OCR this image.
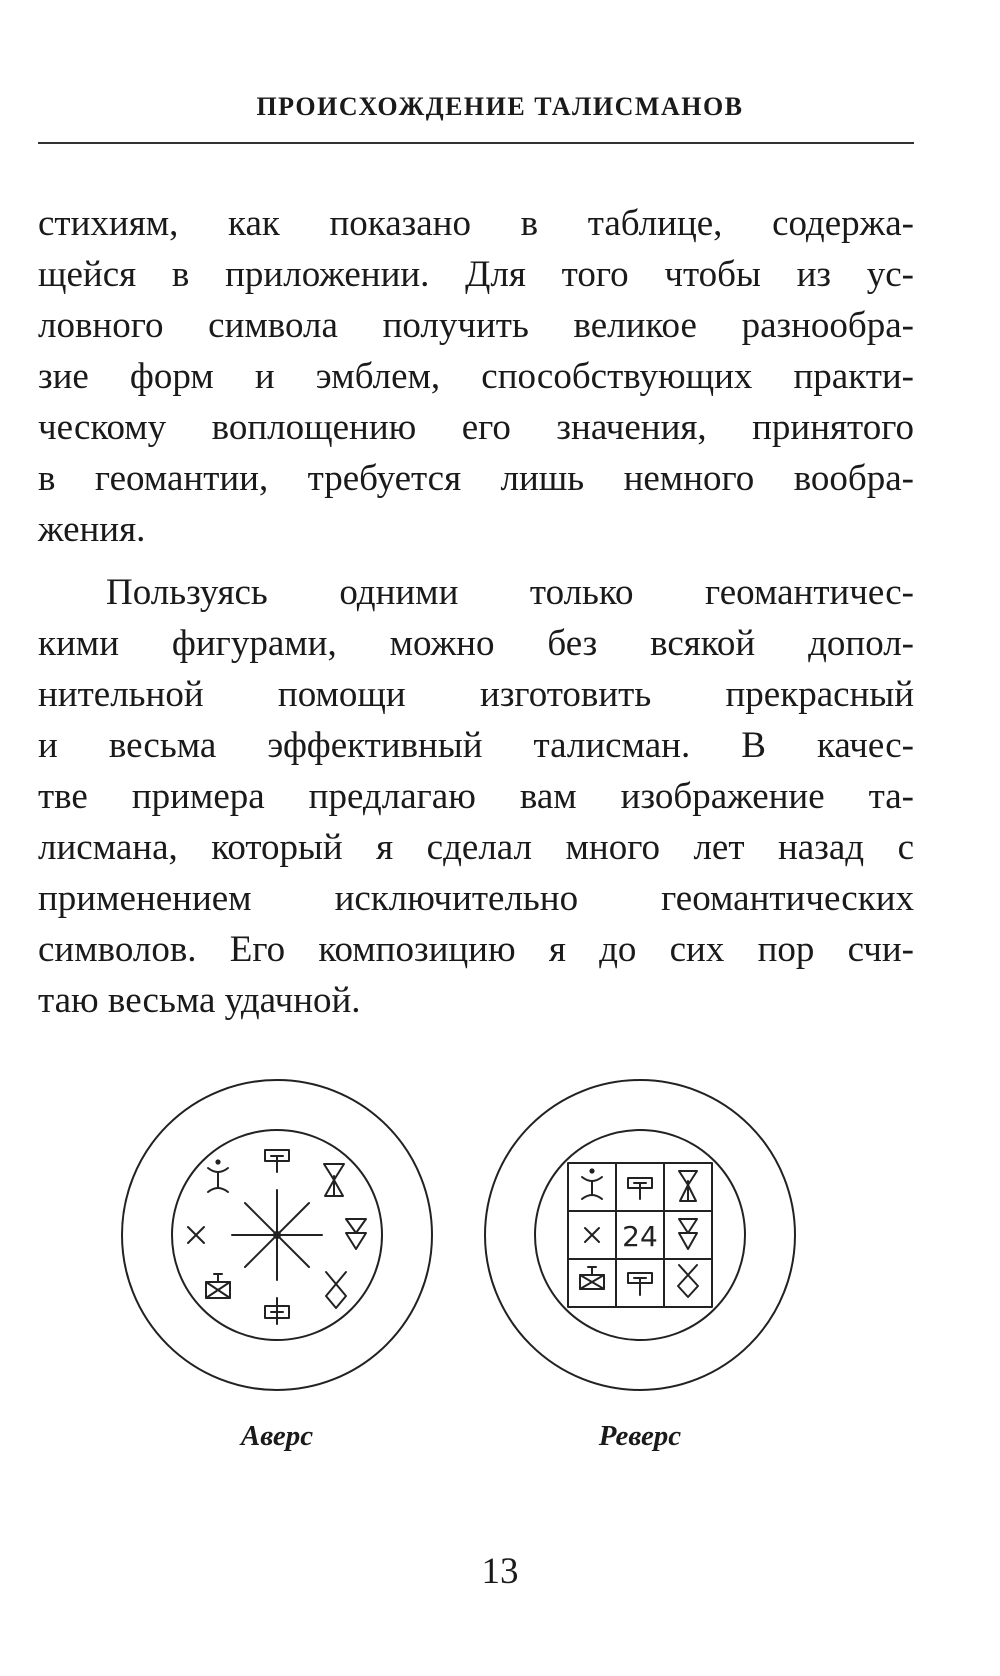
ПРОИСХОЖДЕНИЕ ТАЛИСМАНОВ
стихиям, как показано в таблице, содержа-
щейся в приложении. Для того чтобы из ус-
ловного символа получить великое разнообра-
зие форм и эмблем, способствующих практи-
ческому воплощению его значения, принятого
в геомантии, требуется лишь немного вообра-
жения.
Пользуясь одними только геомантичес-
кими фигурами, можно без всякой допол-
нительной помощи изготовить прекрасный
и весьма эффективный талисман. В качес-
тве примера предлагаю вам изображение та-
лисмана, который я сделал много лет назад с
применением исключительно геомантических
символов. Его композицию я до сих пор счи-
таю весьма удачной.
24
Аверс	Реверс
13
